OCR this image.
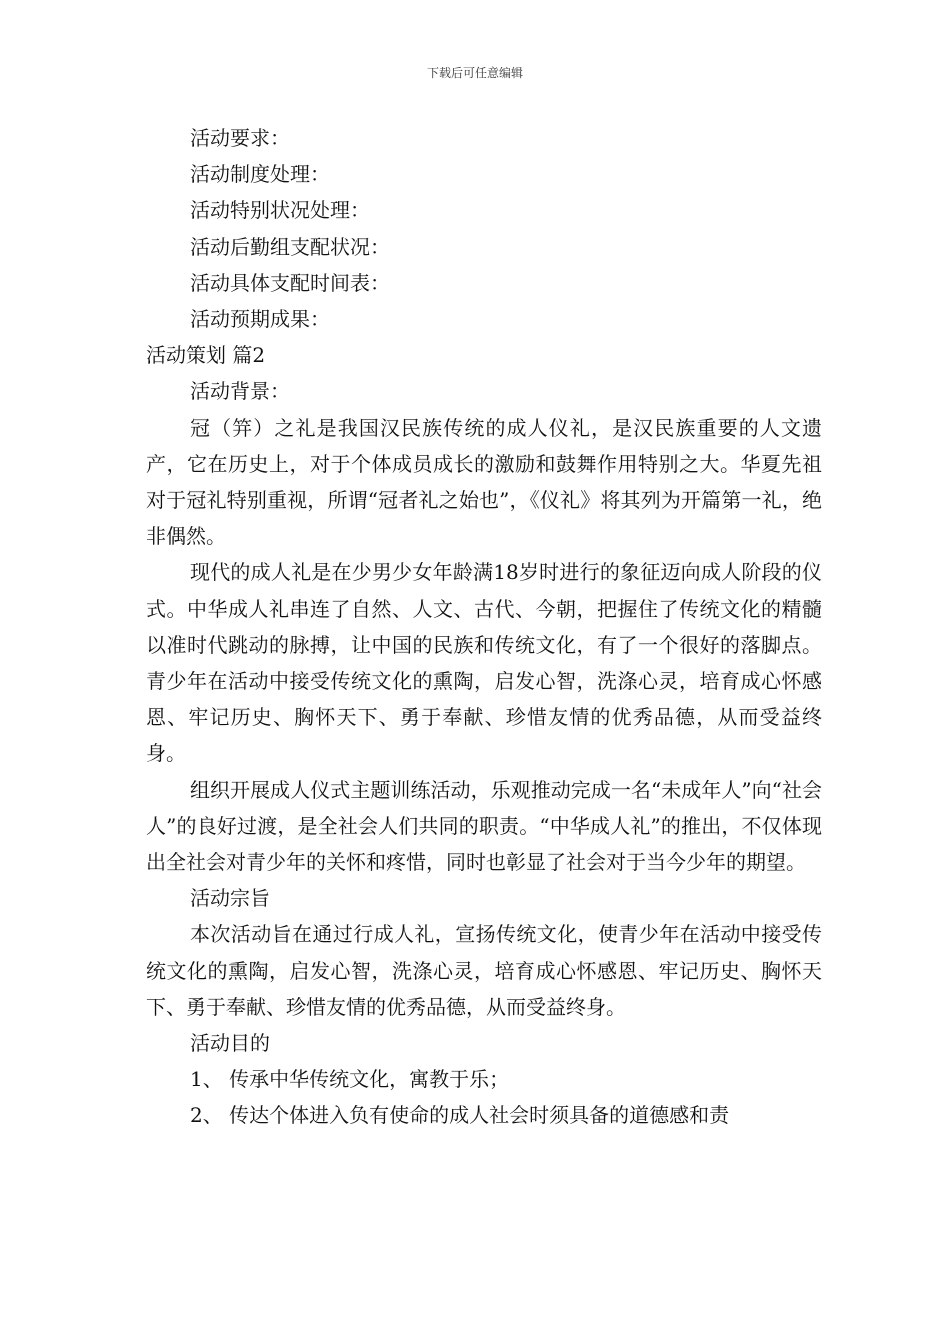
下载后可任意编辑

活动要求：

活动制度处理：

活动特别状况处理：

活动后勤组支配状况：

活动具体支配时间表：

活动预期成果：

活动策划 篇2

活动背景：

冠（笄）之礼是我国汉民族传统的成人仪礼，是汉民族重要的人文遗产，它在历史上，对于个体成员成长的激励和鼓舞作用特别之大。华夏先祖对于冠礼特别重视，所谓“冠者礼之始也”，《仪礼》将其列为开篇第一礼，绝非偶然。

现代的成人礼是在少男少女年龄满18岁时进行的象征迈向成人阶段的仪式。中华成人礼串连了自然、人文、古代、今朝，把握住了传统文化的精髓以准时代跳动的脉搏，让中国的民族和传统文化，有了一个很好的落脚点。青少年在活动中接受传统文化的熏陶，启发心智，洗涤心灵，培育成心怀感恩、牢记历史、胸怀天下、勇于奉献、珍惜友情的优秀品德，从而受益终身。

组织开展成人仪式主题训练活动，乐观推动完成一名“未成年人”向“社会人”的良好过渡，是全社会人们共同的职责。“中华成人礼”的推出，不仅体现出全社会对青少年的关怀和疼惜，同时也彰显了社会对于当今少年的期望。

活动宗旨

本次活动旨在通过行成人礼，宣扬传统文化，使青少年在活动中接受传统文化的熏陶，启发心智，洗涤心灵，培育成心怀感恩、牢记历史、胸怀天下、勇于奉献、珍惜友情的优秀品德，从而受益终身。

活动目的

1、 传承中华传统文化，寓教于乐；

2、 传达个体进入负有使命的成人社会时须具备的道德感和责
